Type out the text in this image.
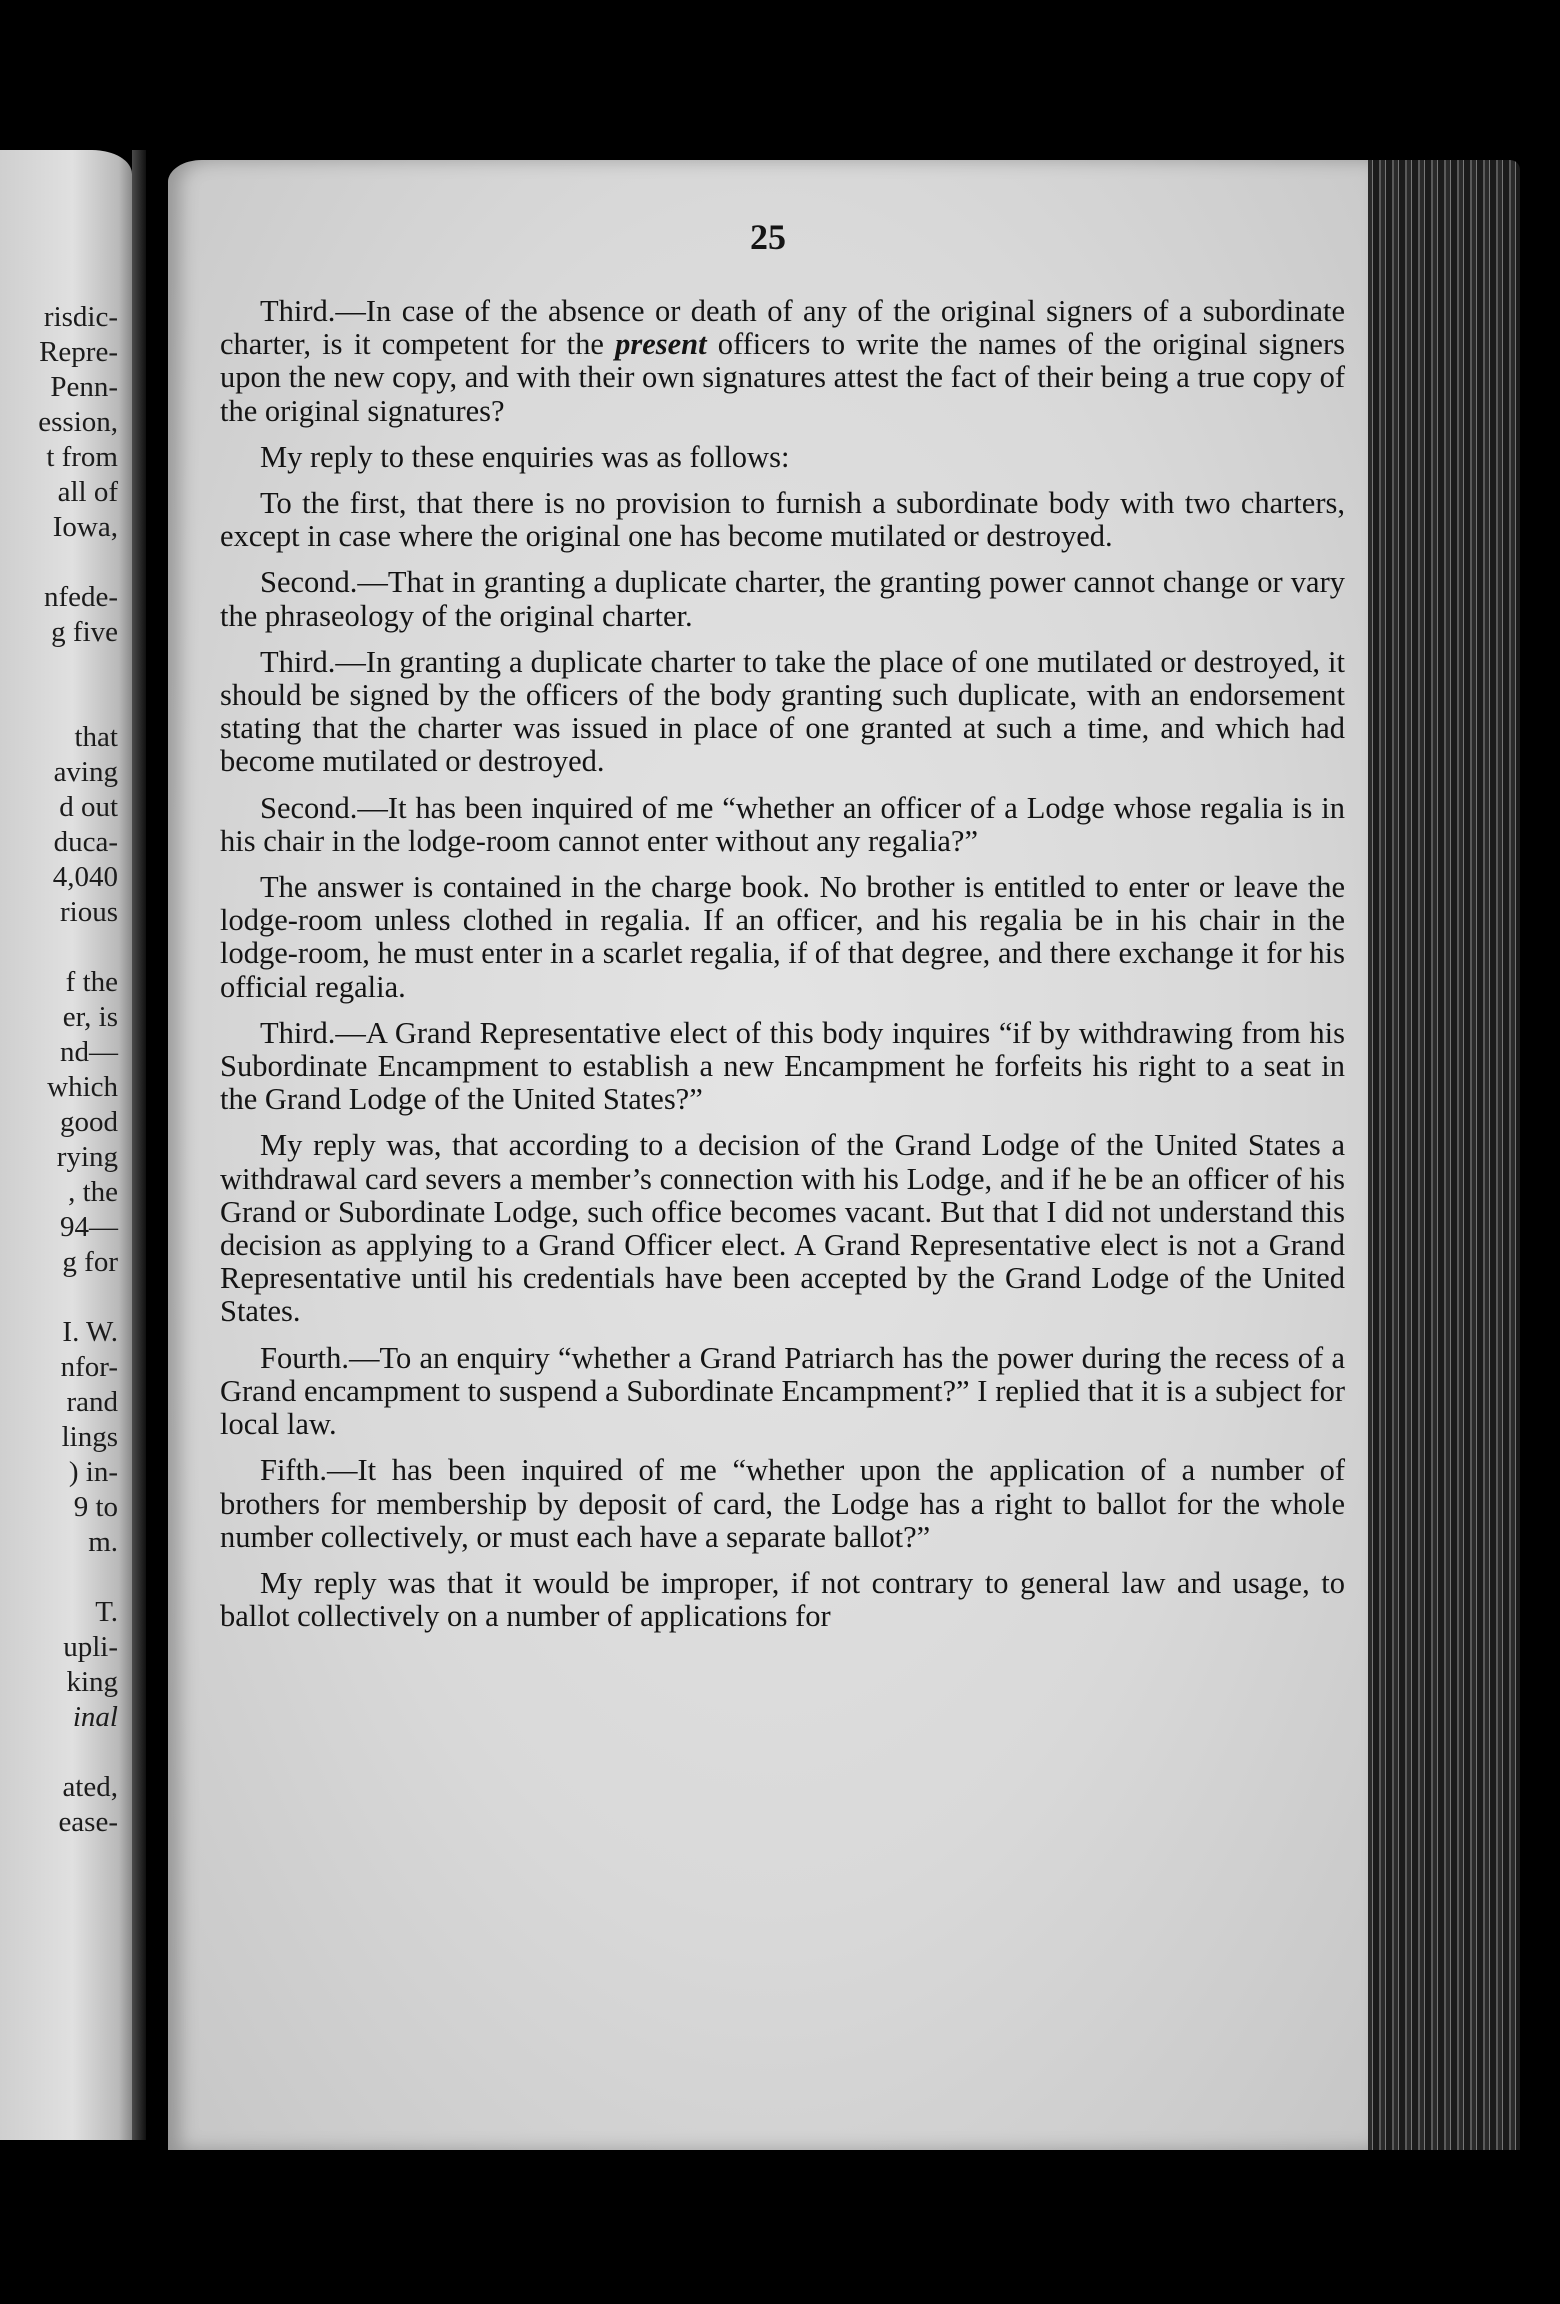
risdic-
Repre-
Penn-
ession,
t from
all of
Iowa,
nfede-
g five
that
aving
d out
duca-
4,040
rious
f the
er, is
nd—
which
good
rying
, the
94—
g for
I. W.
nfor-
rand
lings
) in-
9 to
m.
T.
upli-
king
inal
ated,
ease-
25

Third.—In case of the absence or death of any of the original signers of a subordinate charter, is it competent for the present officers to write the names of the original signers upon the new copy, and with their own signatures attest the fact of their being a true copy of the original signatures?

My reply to these enquiries was as follows:

To the first, that there is no provision to furnish a subordinate body with two charters, except in case where the original one has become mutilated or destroyed.

Second.—That in granting a duplicate charter, the granting power cannot change or vary the phraseology of the original charter.

Third.—In granting a duplicate charter to take the place of one mutilated or destroyed, it should be signed by the officers of the body granting such duplicate, with an endorsement stating that the charter was issued in place of one granted at such a time, and which had become mutilated or destroyed.

Second.—It has been inquired of me “whether an officer of a Lodge whose regalia is in his chair in the lodge-room cannot enter without any regalia?”

The answer is contained in the charge book. No brother is entitled to enter or leave the lodge-room unless clothed in regalia. If an officer, and his regalia be in his chair in the lodge-room, he must enter in a scarlet regalia, if of that degree, and there exchange it for his official regalia.

Third.—A Grand Representative elect of this body inquires “if by withdrawing from his Subordinate Encampment to establish a new Encampment he forfeits his right to a seat in the Grand Lodge of the United States?”

My reply was, that according to a decision of the Grand Lodge of the United States a withdrawal card severs a member’s connection with his Lodge, and if he be an officer of his Grand or Subordinate Lodge, such office becomes vacant. But that I did not understand this decision as applying to a Grand Officer elect. A Grand Representative elect is not a Grand Representative until his credentials have been accepted by the Grand Lodge of the United States.

Fourth.—To an enquiry “whether a Grand Patriarch has the power during the recess of a Grand encampment to suspend a Subordinate Encampment?” I replied that it is a subject for local law.

Fifth.—It has been inquired of me “whether upon the application of a number of brothers for membership by deposit of card, the Lodge has a right to ballot for the whole number collectively, or must each have a separate ballot?”

My reply was that it would be improper, if not contrary to general law and usage, to ballot collectively on a number of applications for
